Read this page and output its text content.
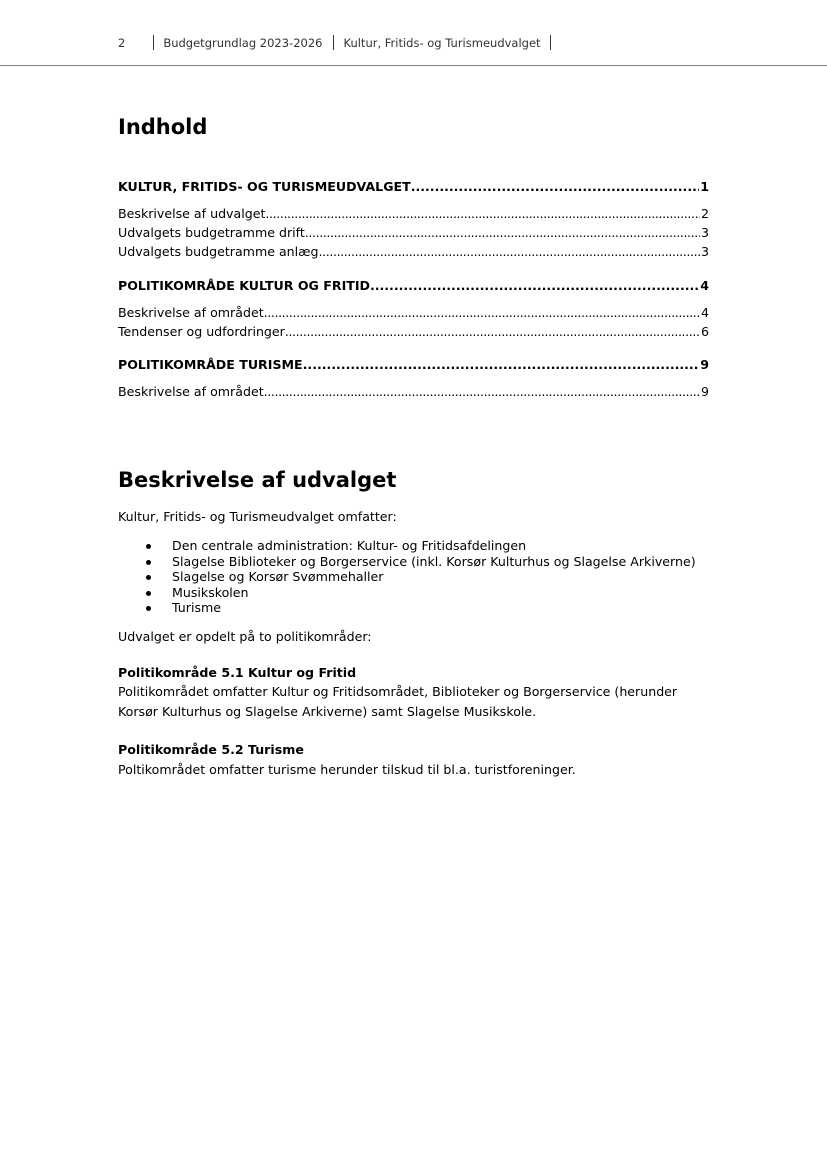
2	Budgetgrundlag 2023-2026 Kultur, Fritids- og Turismeudvalget
Indhold
KULTUR, FRITIDS- OG TURISMEUDVALGET . . .	1
Beskrivelse af udvalget . . .	2
Udvalgets budgetramme drift . . .	3
Udvalgets budgetramme anlæg . . .	3
POLITIKOMRÅDE KULTUR OG FRITID . . .	4
Beskrivelse af området . . .	4
Tendenser og udfordringer . . .	6
POLITIKOMRÅDE TURISME . . .	9
Beskrivelse af området . . .	9
Beskrivelse af udvalget

Kultur, Fritids- og Turismeudvalget omfatter:

Den centrale administration: Kultur- og Fritidsafdelingen
Slagelse Biblioteker og Borgerservice (inkl. Korsør Kulturhus og Slagelse Arkiverne)
Slagelse og Korsør Svømmehaller
Musikskolen
Turisme

Udvalget er opdelt på to politikområder:

Politikområde 5.1 Kultur og Fritid

Politikområdet omfatter Kultur og Fritidsområdet, Biblioteker og Borgerservice (herunder

Korsør Kulturhus og Slagelse Arkiverne) samt Slagelse Musikskole.

Politikområde 5.2 Turisme

Poltikområdet omfatter turisme herunder tilskud til bl.a. turistforeninger.
